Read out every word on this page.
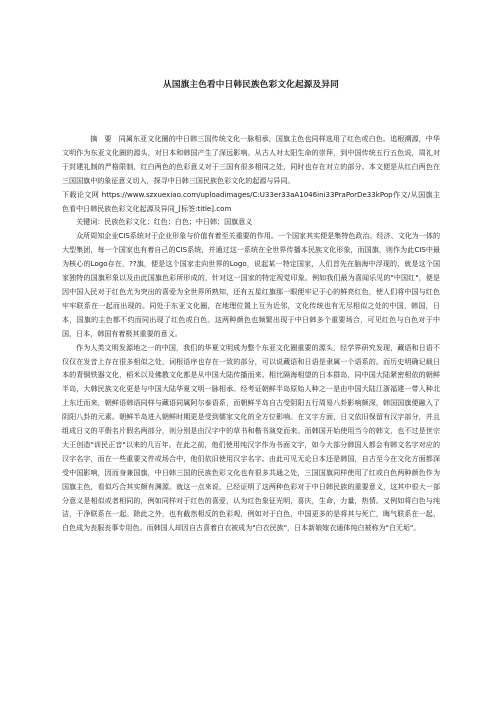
从国旗主色看中日韩民族色彩文化起源及异同

摘　要　 同属东亚文化圈的中日韩三国传统文化一脉相承，国旗主色也同样选用了红色或白色。追根溯源，中华文明作为东亚文化圈的源头，对日本和韩国产生了深远影响。从古人对太阳生命的崇拜，到中国传统五行五色说，周礼对于封建礼制的严格限制，红白两色的色彩意义对于三国有很多相同之处，同时也存在对立的部分。本文便是从红白两色在三国国旗中的象征意义切入，探寻中日韩三国民族色彩文化的起源与异同。

下载论文网 https://www.szxuexiao.com/uploadimages/C:U33er33aA1046ini33PraPorDe33kPop作文/从国旗主色看中日韩民族色彩文化起源及异同_[标签:title].com

关键词：民族色彩文化；红色；白色；中日韩；国旗意义

众所周知企业CIS系统对于企业形象与价值有着至关重要的作用。一个国家其实便是集特色政治、经济、文化为一体的大型集团，每一个国家也有着自己的CIS系统，并通过这一系统在全世界传播本民族文化形象，而国旗，则作为此CIS中最为核心的Logo存在，??旗，便是这个国家走向世界的Logo，说起某一特定国家，人们首先在脑海中浮现的，就是这个国家独特的国旗形象以及由此国旗色彩所形成的，针对这一国家的特定视觉印象。例如我们最为喜闻乐见的"中国红"，便是因中国人民对于红色尤为突出的喜爱为全世界所熟知，还有五星红旗那一眼便牢记于心的鲜亮红色，使人们将中国与红色牢牢联系在一起而出现的。同处于东亚文化圈，在地理位置上互为近邻，文化传统也有无尽相似之处的中国，韩国，日本，国旗的主色都不约而同出现了红色或白色。这两种颜色也频繁出现于中日韩多个重要场合，可见红色与白色对于中国，日本，韩国有着极其重要的意义。

作为人类文明发源地之一的中国，我们的华夏文明成为整个东亚文化圈重要的源头，经学界研究发现，藏语和日语不仅仅在发音上存在很多相似之处，词根语序也存在一致的部分，可以说藏语和日语是隶属一个语系的。而历史明确记载日本的青铜铁器文化，稻米以及佛教文化都是从中国大陆传播而来。相比隔海相望的日本群岛，同中国大陆紧密相依的朝鲜半岛，大韩民族文化更是与中国大陆华夏文明一脉相承。经考证朝鲜半岛原始人种之一是由中国大陆江浙福建一带入种北上东迁而来，朝鲜语韩语同样与藏语同属阿尔泰语系，而朝鲜半岛自古受阴阳五行周易八卦影响颇深，韩国国旗便融入了阴阳八卦的元素。朝鲜半岛进入朝鲜时期更是受到儒家文化的全方位影响。在文字方面，日文依旧保留有汉字部分，并且组成日文的平假名片假名两部分，则分别是由汉字中的草书和楷书演变而来。而韩国开始使用当今的韩文，也不过是世宗大王创造"训民正音"以来的几百年。在此之前，他们使用纯汉字作为书面文字，如今大部分韩国人都会有韩文名字对应的汉字名字，而在一些重要文件或场合中，他们依旧使用汉字名字。由此可见无论日本还是韩国，自古至今在文化方面都深受中国影响，因而身兼国旗，中日韩三国的民族色彩文化也有很多共通之处，三国国旗同样使用了红或白色两种颜色作为国旗主色，看似巧合其实颇有渊源。就这一点来说，已经证明了这两种色彩对于中日韩民族的重要意义，这其中很大一部分意义是相似或者相同的，例如同样对于红色的喜爱，认为红色象征光明，喜庆，生命，力量，热情。又例如将白色与纯洁，干净联系在一起。除此之外，也有截然相反的色彩观，例如对于白色，中国更多的是将其与死亡，晦气联系在一起，白色成为丧服丧事专用色。而韩国人却因自古喜着白衣被成为"白衣民族"，日本新娘嫁衣通体纯白被称为"白无垢"。
